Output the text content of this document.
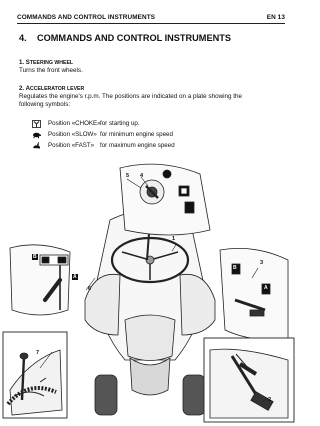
COMMANDS AND CONTROL INSTRUMENTS	EN 13
4. COMMANDS AND CONTROL INSTRUMENTS
1. STEERING WHEEL
Turns the front wheels.
2. ACCELERATOR LEVER
Regulates the engine's r.p.m. The positions are indicated on a plate showing the
following symbols:
Position «CHOKE» for starting up.
Position «SLOW» for minimum engine speed
Position «FAST» for maximum engine speed
1
2
3
4
5
6
7
B
A
B
A
